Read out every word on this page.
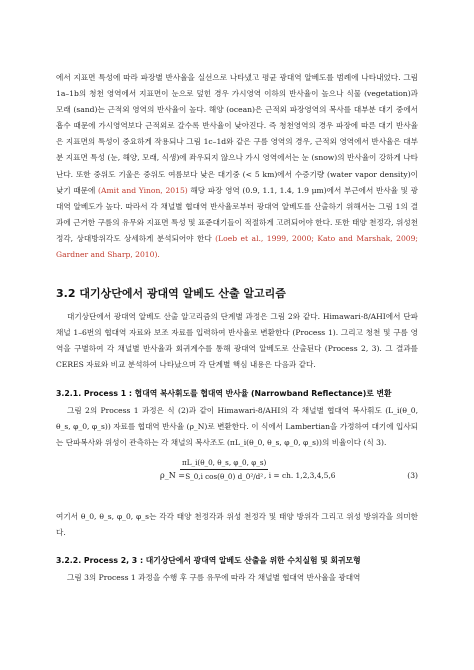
에서 지표면 특성에 따라 파장별 반사율을 실선으로 나타냈고 평균 광대역 알베도를 범례에 나타내었다. 그림 1a–1b의 청천 영역에서 지표면이 눈으로 덮힌 경우 가시영역 이하의 반사율이 높으나 식물 (vegetation)과 모래 (sand)는 근적외 영역의 반사율이 높다. 해양 (ocean)은 근적외 파장영역의 복사를 대부분 대기 중에서 흡수 때문에 가시영역보다 근적외로 갈수록 반사율이 낮아진다. 즉 청천영역의 경우 파장에 따른 대기 반사율은 지표면의 특성이 중요하게 작용되나 그림 1c–1d와 같은 구름 영역의 경우, 근적외 영역에서 반사율은 대부분 지표면 특성 (눈, 해양, 모래, 식생)에 좌우되지 않으나 가시 영역에서는 눈 (snow)의 반사율이 강하게 나타난다. 또한 중위도 기울은 중위도 여름보다 낮은 대기중 (< 5 km)에서 수증기량 (water vapor density)이 낮기 때문에 (Amit and Yinon, 2015) 해당 파장 영역 (0.9, 1.1, 1.4, 1.9 μm)에서 부근에서 반사율 및 광대역 알베도가 높다. 따라서 각 채널별 협대역 반사율로부터 광대역 알베도를 산출하기 위해서는 그림 1의 결과에 근거한 구름의 유무와 지표면 특성 및 표준대기들이 적절하게 고려되어야 한다. 또한 태양 천정각, 위성천정각, 상대방위각도 상세하게 분석되어야 한다 (Loeb et al., 1999, 2000; Kato and Marshak, 2009; Gardner and Sharp, 2010).

3.2 대기상단에서 광대역 알베도 산출 알고리즘

대기상단에서 광대역 알베도 산출 알고리즘의 단계별 과정은 그림 2와 같다. Himawari-8/AHI에서 단파채널 1–6번의 협대역 자료와 보조 자료를 입력하여 반사율로 변환한다 (Process 1). 그리고 청천 및 구름 영역을 구별하여 각 채널별 반사율과 회귀계수를 통해 광대역 알베도로 산출된다 (Process 2, 3). 그 결과를 CERES 자료와 비교 분석하여 나타났으며 각 단계별 핵심 내용은 다음과 같다.

3.2.1. Process 1 : 협대역 복사휘도를 협대역 반사율 (Narrowband Reflectance)로 변환

그림 2의 Process 1 과정은 식 (2)과 같이 Himawari-8/AHI의 각 채널별 협대역 복사휘도 (L_i(θ_0, θ_s, φ_0, φ_s)) 자료를 협대역 반사율 (ρ_N)로 변환한다. 이 식에서 Lambertian을 가정하여 대기에 입사되는 단파복사와 위성이 관측하는 각 채널의 복사조도 (πL_i(θ_0, θ_s, φ_0, φ_s))의 비율이다 (식 3).

ρ_N =
$\frac{\pi L\_i(\theta\_0, \theta\_s, \varphi\_0, \varphi\_s)}{\text{S\_0,i cos(θ\_0) d\_0²/d²}}$
, i = ch. 1,2,3,4,5,6	(3)

여기서 θ_0, θ_s, φ_0, φ_s는 각각 태양 천정각과 위성 천정각 및 태양 방위각 그리고 위성 방위각을 의미한다.

3.2.2. Process 2, 3 : 대기상단에서 광대역 알베도 산출을 위한 수치실험 및 회귀모형

그림 3의 Process 1 과정을 수행 후 구름 유무에 따라 각 채널별 협대역 반사율을 광대역
